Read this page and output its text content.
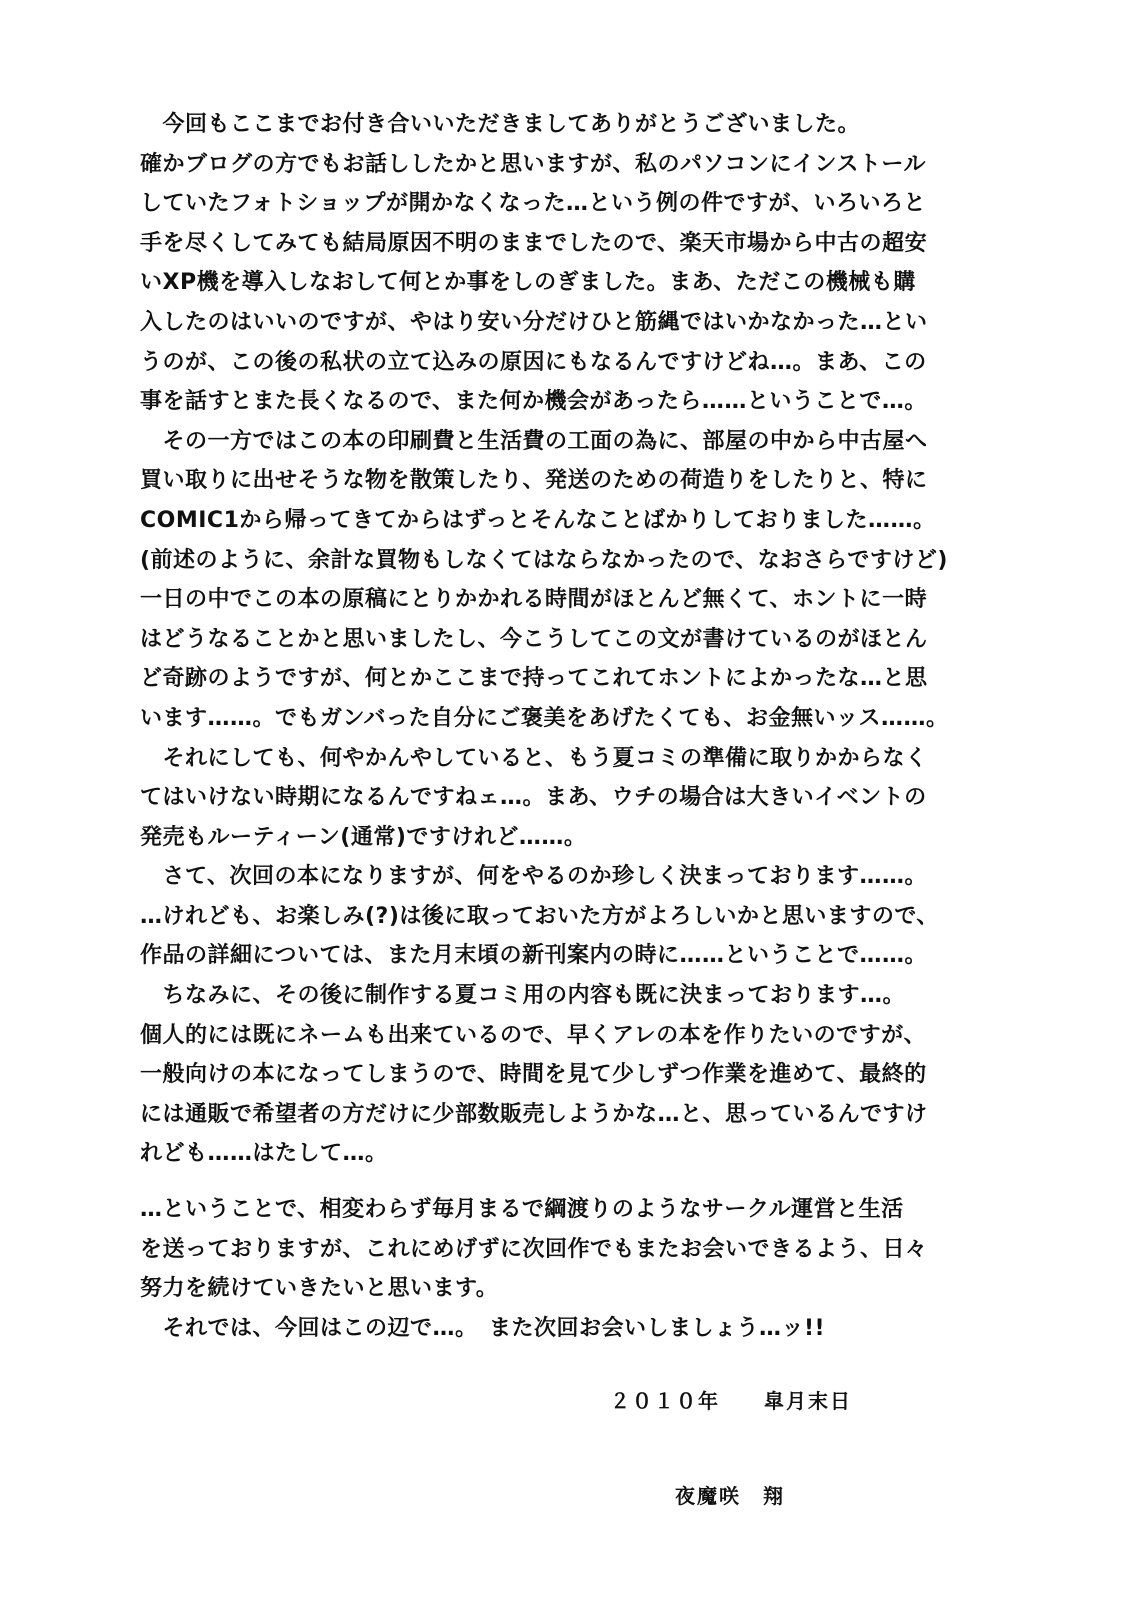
　今回もここまでお付き合いいただきましてありがとうございました。
確かブログの方でもお話ししたかと思いますが、私のパソコンにインストール
していたフォトショップが開かなくなった…という例の件ですが、いろいろと
手を尽くしてみても結局原因不明のままでしたので、楽天市場から中古の超安
いXP機を導入しなおして何とか事をしのぎました。まあ、ただこの機械も購
入したのはいいのですが、やはり安い分だけひと筋縄ではいかなかった…とい
うのが、この後の私状の立て込みの原因にもなるんですけどね…。まあ、この
事を話すとまた長くなるので、また何か機会があったら……ということで…。
　その一方ではこの本の印刷費と生活費の工面の為に、部屋の中から中古屋へ
買い取りに出せそうな物を散策したり、発送のための荷造りをしたりと、特に
COMIC1から帰ってきてからはずっとそんなことばかりしておりました……。
(前述のように、余計な買物もしなくてはならなかったので、なおさらですけど)
一日の中でこの本の原稿にとりかかれる時間がほとんど無くて、ホントに一時
はどうなることかと思いましたし、今こうしてこの文が書けているのがほとん
ど奇跡のようですが、何とかここまで持ってこれてホントによかったな…と思
います……。でもガンバった自分にご褒美をあげたくても、お金無いッス……。
　それにしても、何やかんやしていると、もう夏コミの準備に取りかからなく
てはいけない時期になるんですねェ…。まあ、ウチの場合は大きいイベントの
発売もルーティーン(通常)ですけれど……。
　さて、次回の本になりますが、何をやるのか珍しく決まっております……。
…けれども、お楽しみ(?)は後に取っておいた方がよろしいかと思いますので、
作品の詳細については、また月末頃の新刊案内の時に……ということで……。
　ちなみに、その後に制作する夏コミ用の内容も既に決まっております…。
個人的には既にネームも出来ているので、早くアレの本を作りたいのですが、
一般向けの本になってしまうので、時間を見て少しずつ作業を進めて、最終的
には通販で希望者の方だけに少部数販売しようかな…と、思っているんですけ
れども……はたして…。
…ということで、相変わらず毎月まるで綱渡りのようなサークル運営と生活
を送っておりますが、これにめげずに次回作でもまたお会いできるよう、日々
努力を続けていきたいと思います。
　それでは、今回はこの辺で…。　また次回お会いしましょう…ッ!!
２０１０年　　皐月末日
夜魔咲　翔
